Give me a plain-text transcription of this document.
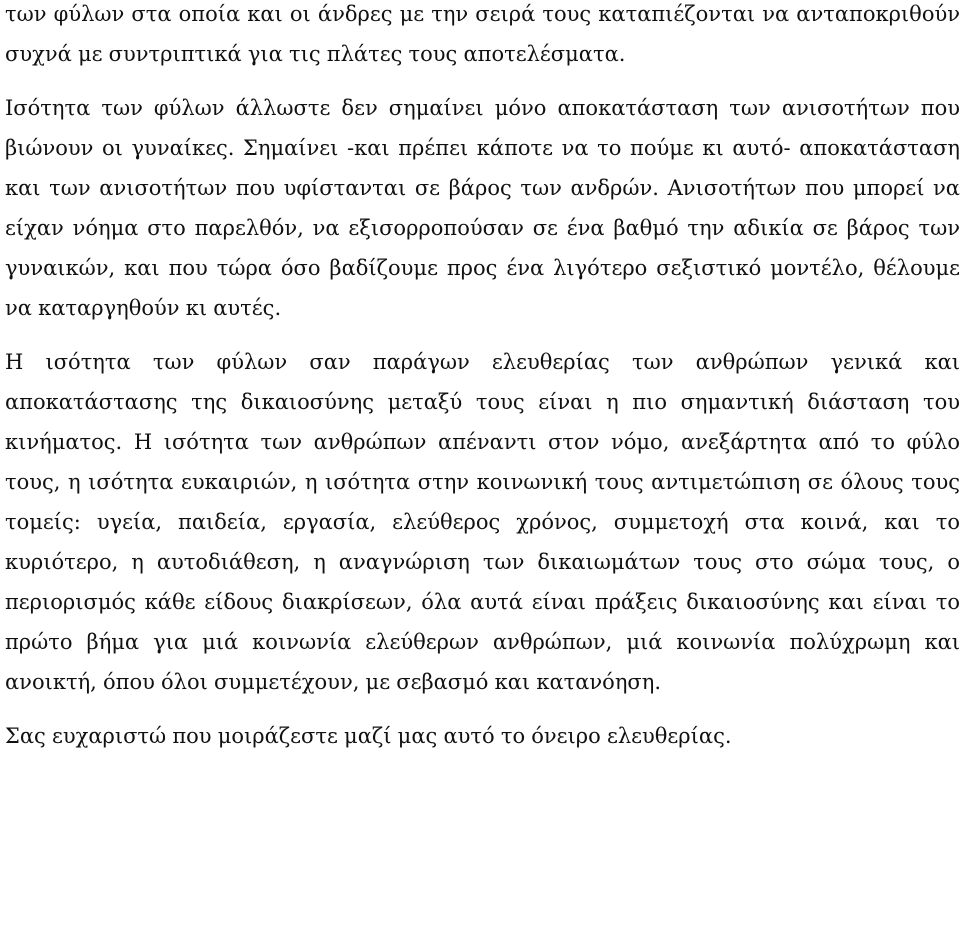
των φύλων στα οποία και οι άνδρες με την σειρά τους καταπιέζονται να ανταποκριθούν συχνά με συντριπτικά για τις πλάτες τους αποτελέσματα.

Ισότητα των φύλων άλλωστε δεν σημαίνει μόνο αποκατάσταση των ανισοτήτων που βιώνουν οι γυναίκες. Σημαίνει -και πρέπει κάποτε να το πούμε κι αυτό- αποκατάσταση και των ανισοτήτων που υφίστανται σε βάρος των ανδρών. Ανισοτήτων που μπορεί να είχαν νόημα στο παρελθόν, να εξισορροπούσαν σε ένα βαθμό την αδικία σε βάρος των γυναικών, και που τώρα όσο βαδίζουμε προς ένα λιγότερο σεξιστικό μοντέλο, θέλουμε να καταργηθούν κι αυτές.

Η ισότητα των φύλων σαν παράγων ελευθερίας των ανθρώπων γενικά και αποκατάστασης της δικαιοσύνης μεταξύ τους είναι η πιο σημαντική διάσταση του κινήματος. Η ισότητα των ανθρώπων απέναντι στον νόμο, ανεξάρτητα από το φύλο τους, η ισότητα ευκαιριών, η ισότητα στην κοινωνική τους αντιμετώπιση σε όλους τους τομείς: υγεία, παιδεία, εργασία, ελεύθερος χρόνος, συμμετοχή στα κοινά, και το κυριότερο, η αυτοδιάθεση, η αναγνώριση των δικαιωμάτων τους στο σώμα τους, ο περιορισμός κάθε είδους διακρίσεων, όλα αυτά είναι πράξεις δικαιοσύνης και είναι το πρώτο βήμα για μιά κοινωνία ελεύθερων ανθρώπων, μιά κοινωνία πολύχρωμη και ανοικτή, όπου όλοι συμμετέχουν, με σεβασμό και κατανόηση.

Σας ευχαριστώ που μοιράζεστε μαζί μας αυτό το όνειρο ελευθερίας.
